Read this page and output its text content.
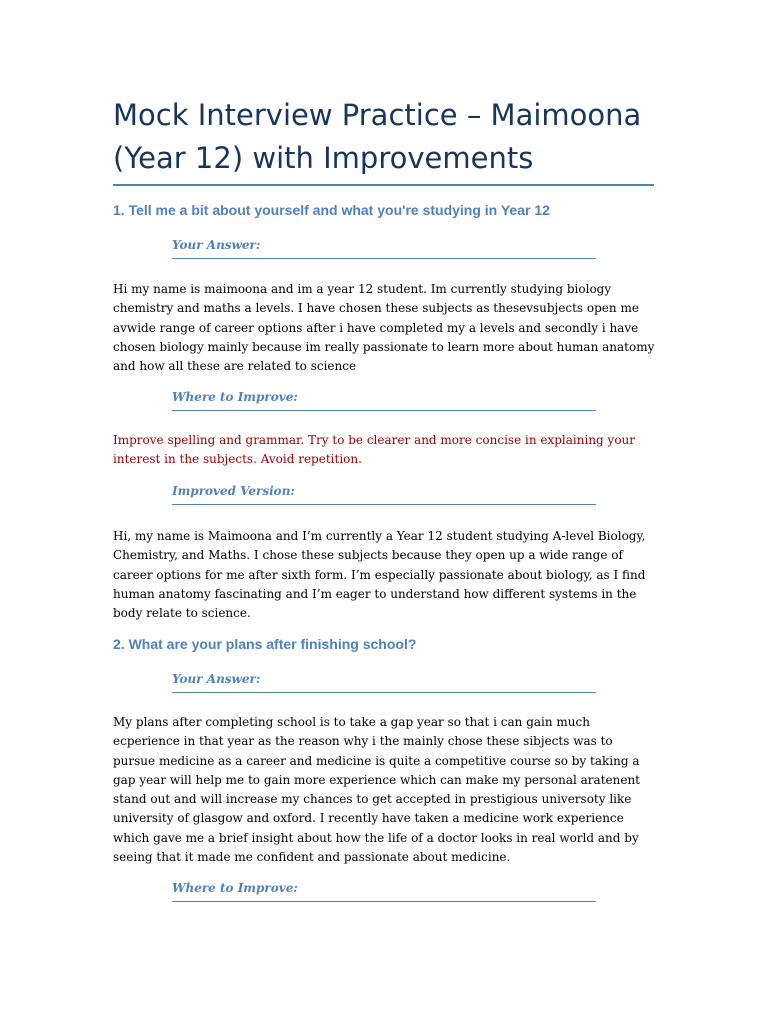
Mock Interview Practice – Maimoona (Year 12) with Improvements
1. Tell me a bit about yourself and what you're studying in Year 12
Your Answer:

Hi my name is maimoona and im a year 12 student. Im currently studying biology chemistry and maths a levels. I have chosen these subjects as thesevsubjects open me avwide range of career options after i have completed my a levels and secondly i have chosen biology mainly because im really passionate to learn more about human anatomy and how all these are related to science

Where to Improve:

Improve spelling and grammar. Try to be clearer and more concise in explaining your interest in the subjects. Avoid repetition.

Improved Version:

Hi, my name is Maimoona and I’m currently a Year 12 student studying A-level Biology, Chemistry, and Maths. I chose these subjects because they open up a wide range of career options for me after sixth form. I’m especially passionate about biology, as I find human anatomy fascinating and I’m eager to understand how different systems in the body relate to science.

2. What are your plans after finishing school?
Your Answer:

My plans after completing school is to take a gap year so that i can gain much ecperience in that year as the reason why i the mainly chose these sibjects was to pursue medicine as a career and medicine is quite a competitive course so by taking a gap year will help me to gain more experience which can make my personal aratenent stand out and will increase my chances to get accepted in prestigious universoty like university of glasgow and oxford. I recently have taken a medicine work experience which gave me a brief insight about how the life of a doctor looks in real world and by seeing that it made me confident and passionate about medicine.

Where to Improve:
